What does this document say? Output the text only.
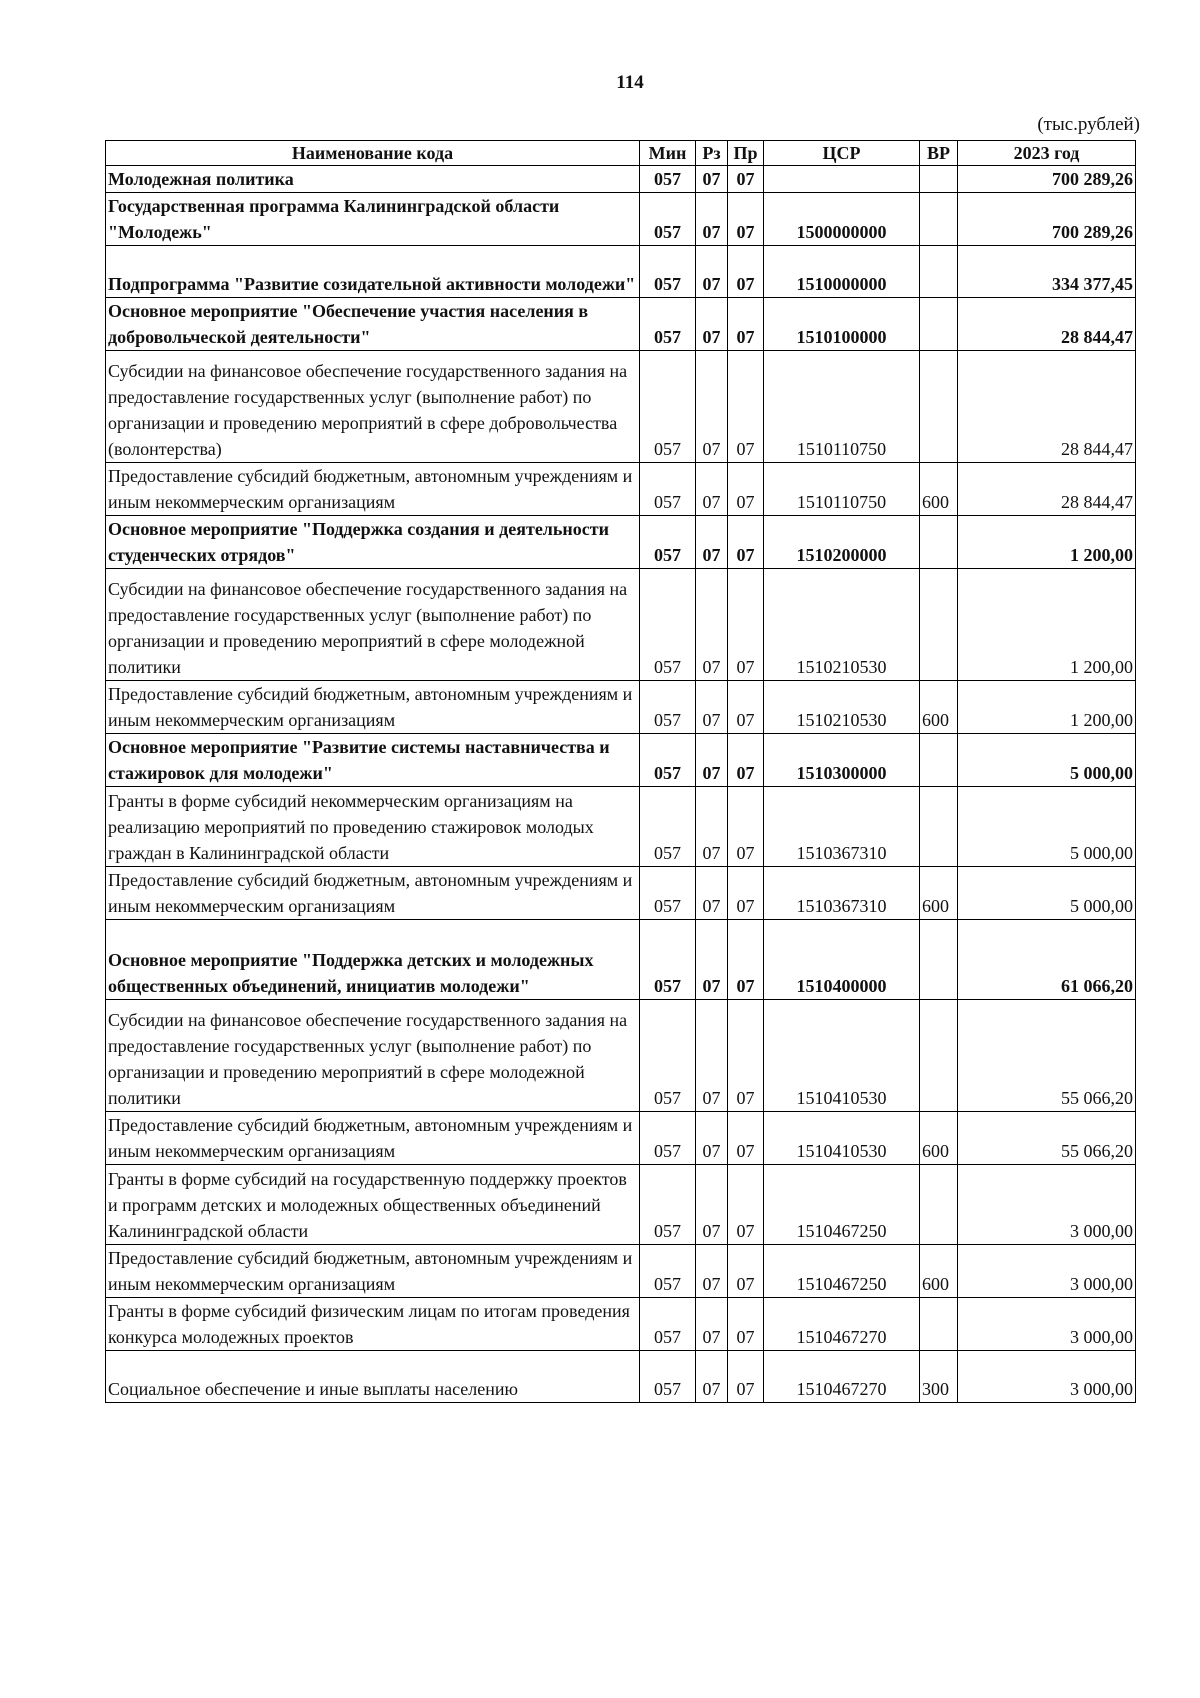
114
(тыс.рублей)
Наименование кода	Мин	Рз	Пр	ЦСР	ВР	2023 год
Молодежная политика	057	07	07			700 289,26
Государственная программа Калининградской области "Молодежь"	057	07	07	1500000000		700 289,26
Подпрограмма "Развитие созидательной активности молодежи"	057	07	07	1510000000		334 377,45
Основное мероприятие "Обеспечение участия населения в добровольческой деятельности"	057	07	07	1510100000		28 844,47
Субсидии на финансовое обеспечение государственного задания на предоставление государственных услуг (выполнение работ) по организации и проведению мероприятий в сфере добровольчества (волонтерства)	057	07	07	1510110750		28 844,47
Предоставление субсидий бюджетным, автономным учреждениям и иным некоммерческим организациям	057	07	07	1510110750	600	28 844,47
Основное мероприятие "Поддержка создания и деятельности студенческих отрядов"	057	07	07	1510200000		1 200,00
Субсидии на финансовое обеспечение государственного задания на предоставление государственных услуг (выполнение работ) по организации и проведению мероприятий в сфере молодежной политики	057	07	07	1510210530		1 200,00
Предоставление субсидий бюджетным, автономным учреждениям и иным некоммерческим организациям	057	07	07	1510210530	600	1 200,00
Основное мероприятие "Развитие системы наставничества и стажировок для молодежи"	057	07	07	1510300000		5 000,00
Гранты в форме субсидий некоммерческим организациям на реализацию мероприятий по проведению стажировок молодых граждан в Калининградской области	057	07	07	1510367310		5 000,00
Предоставление субсидий бюджетным, автономным учреждениям и иным некоммерческим организациям	057	07	07	1510367310	600	5 000,00
Основное мероприятие "Поддержка детских и молодежных общественных объединений, инициатив молодежи"	057	07	07	1510400000		61 066,20
Субсидии на финансовое обеспечение государственного задания на предоставление государственных услуг (выполнение работ) по организации и проведению мероприятий в сфере молодежной политики	057	07	07	1510410530		55 066,20
Предоставление субсидий бюджетным, автономным учреждениям и иным некоммерческим организациям	057	07	07	1510410530	600	55 066,20
Гранты в форме субсидий на государственную поддержку проектов и программ детских и молодежных общественных объединений Калининградской области	057	07	07	1510467250		3 000,00
Предоставление субсидий бюджетным, автономным учреждениям и иным некоммерческим организациям	057	07	07	1510467250	600	3 000,00
Гранты в форме субсидий физическим лицам по итогам проведения конкурса молодежных проектов	057	07	07	1510467270		3 000,00
Социальное обеспечение и иные выплаты населению	057	07	07	1510467270	300	3 000,00
